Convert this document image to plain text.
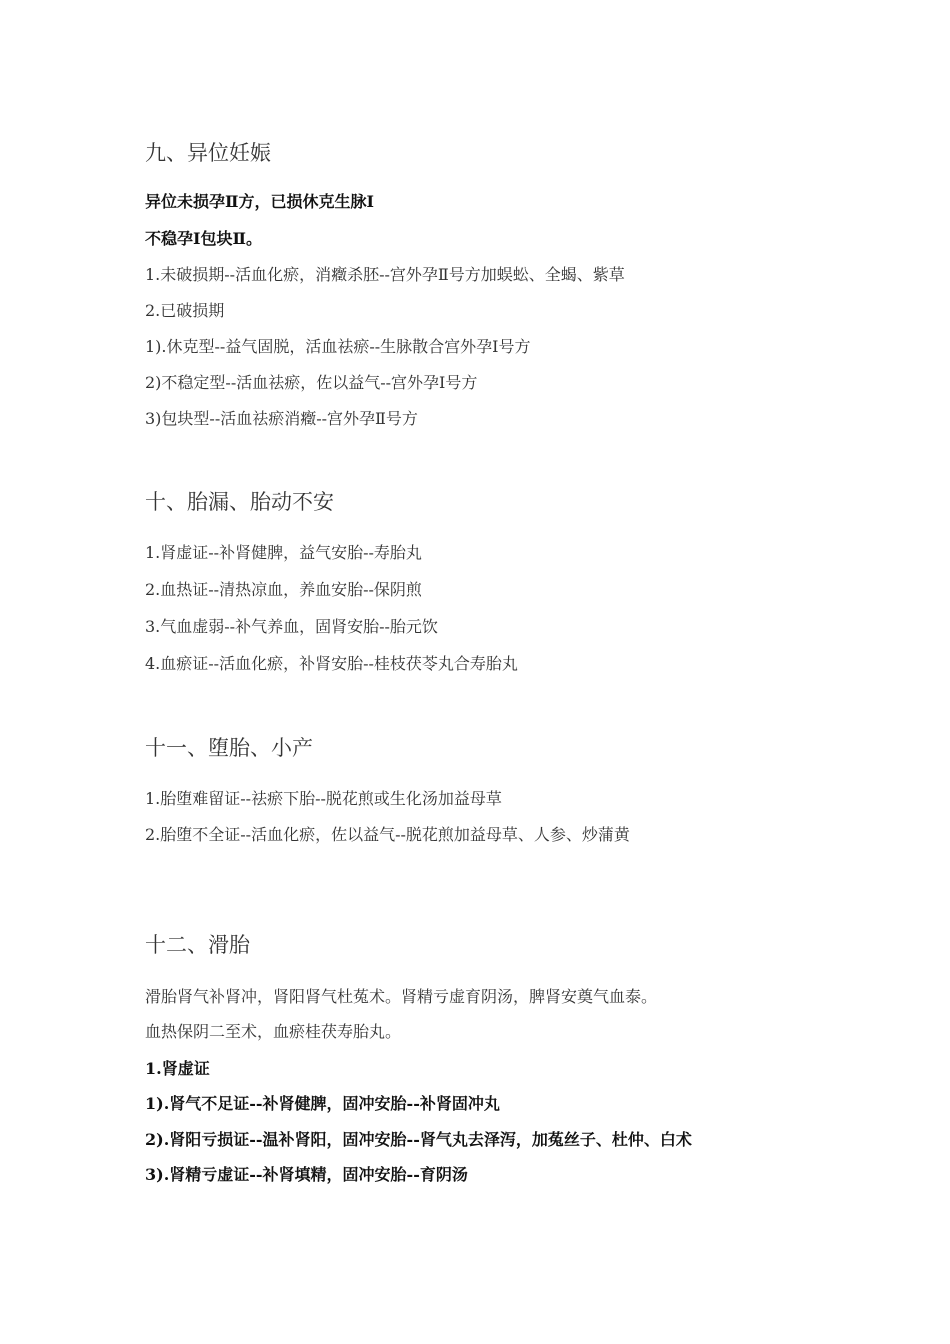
九、异位妊娠
异位未损孕Ⅱ方，已损休克生脉Ⅰ
不稳孕Ⅰ包块Ⅱ。
1.未破损期--活血化瘀，消癥杀胚--宫外孕Ⅱ号方加蜈蚣、全蝎、紫草
2.已破损期
1).休克型--益气固脱，活血祛瘀--生脉散合宫外孕Ⅰ号方
2)不稳定型--活血祛瘀，佐以益气--宫外孕Ⅰ号方
3)包块型--活血祛瘀消癥--宫外孕Ⅱ号方
十、胎漏、胎动不安
1.肾虚证--补肾健脾，益气安胎--寿胎丸
2.血热证--清热凉血，养血安胎--保阴煎
3.气血虚弱--补气养血，固肾安胎--胎元饮
4.血瘀证--活血化瘀，补肾安胎--桂枝茯苓丸合寿胎丸
十一、堕胎、小产
1.胎堕难留证--祛瘀下胎--脱花煎或生化汤加益母草
2.胎堕不全证--活血化瘀，佐以益气--脱花煎加益母草、人参、炒蒲黄
十二、滑胎
滑胎肾气补肾冲，肾阳肾气杜菟术。肾精亏虚育阴汤，脾肾安奠气血泰。
血热保阴二至术，血瘀桂茯寿胎丸。
1.肾虚证
1).肾气不足证--补肾健脾，固冲安胎--补肾固冲丸
2).肾阳亏损证--温补肾阳，固冲安胎--肾气丸去泽泻，加菟丝子、杜仲、白术
3).肾精亏虚证--补肾填精，固冲安胎--育阴汤
